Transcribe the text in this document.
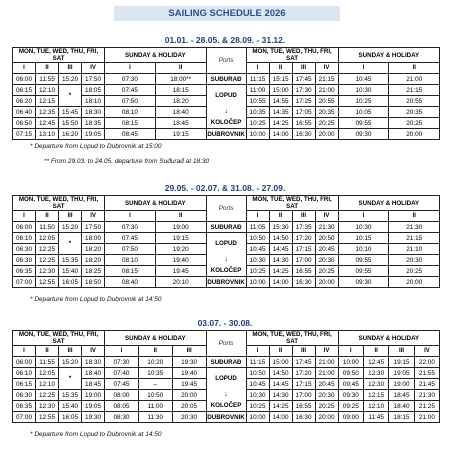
SAILING SCHEDULE 2026
01.01. - 28.05. & 28.09. - 31.12.
MON, TUE, WED, THU, FRI, SAT				SUNDAY & HOLIDAY		Ports	MON, TUE, WED, THU, FRI, SAT				SUNDAY & HOLIDAY	
I	II	III	IV	I	II		I	II	III	IV	I	II
06:00	11:55	15:20	17:50	07:30	18:00**	SUĐURAĐ	11:15	15:15	17:45	21:15	10:45	21:00
06:15	12:10	*	18:05	07:45	18:15	LOPUD	11:00	15:00	17:30	21:00	10:30	21:15
06:20	12:15		18:10	07:50	18:20		10:55	14:55	17:25	20:55	10:25	20:55
06:40	12:35	15:45	18:30	08:10	18:40	↓	10:35	14:35	17:05	20:35	10:05	20:35
06:50	12:45	15:50	18:35	08:15	18:45	KOLOČEP	10:25	14:25	16:55	20:25	09:55	20:25
07:15	13:10	16:20	19:05	08:45	19:15	DUBROVNIK	10:00	14:00	16:30	20:00	09:30	20:00
* Departure from Lopud to Dubrovnik at 15:00
** From 29.03. to 24.05. departure from Suđurađ at 18:30
29.05. - 02.07. & 31.08. - 27.09.
MON, TUE, WED, THU, FRI, SAT				SUNDAY & HOLIDAY		Ports	MON, TUE, WED, THU, FRI, SAT				SUNDAY & HOLIDAY	
I	II	III	IV	I	II		I	II	III	IV	I	II
06:00	11:50	15:20	17:50	07:30	19:00	SUĐURAĐ	11:05	15:30	17:35	21:30	10:30	21:30
06:10	12:05	*	18:00	07:45	19:15	LOPUD	10:50	14:50	17:20	20:50	10:15	21:15
06:30	12:25		18:20	07:50	19:20		10:45	14:45	17:15	20:45	10:10	21:10
06:30	12:25	15:35	18:20	08:10	19:40	↓	10:30	14:30	17:00	20:30	09:55	20:30
06:35	12:30	15:40	18:25	08:15	19:45	KOLOČEP	10:25	14:25	16:55	20:25	09:55	20:25
07:00	12:55	16:05	18:50	08:40	20:10	DUBROVNIK	10:00	14:00	16:30	20:00	09:30	20:00
* Departure from Lopud to Dubrovnik at 14:50
03.07. - 30.08.
MON, TUE, WED, THU, FRI, SAT				SUNDAY & HOLIDAY			Ports	MON, TUE, WED, THU, FRI, SAT				SUNDAY & HOLIDAY			
I	II	III	IV	I	II	III		I	II	III	IV	I	II	III	IV
06:00	11:55	15:20	18:30	07:30	10:20	19:30	SUĐURAĐ	11:15	15:00	17:45	21:00	10:00	12:45	19:15	22:00
06:10	12:05	*	18:40	07:40	10:35	19:40	LOPUD	10:50	14:50	17:20	21:00	09:50	12:30	19:05	21:55
06:15	12:10		18:45	07:45	–	19:45		10:45	14:45	17:15	20:45	09:45	12:30	19:00	21:45
06:30	12:25	15:35	19:00	08:00	10:50	20:00	↓	10:30	14:30	17:00	20:30	09:30	12:15	18:45	21:30
06:35	12:30	15:40	19:05	08:05	11:00	20:05	KOLOČEP	10:25	14:25	16:55	20:25	09:25	12:10	18:40	21:25
07:00	12:55	16:05	19:30	08:30	11:30	20:30	DUBROVNIK	10:00	14:00	16:30	20:00	09:00	11:45	18:15	21:00
* Departure from Lopud to Dubrovnik at 14:50
